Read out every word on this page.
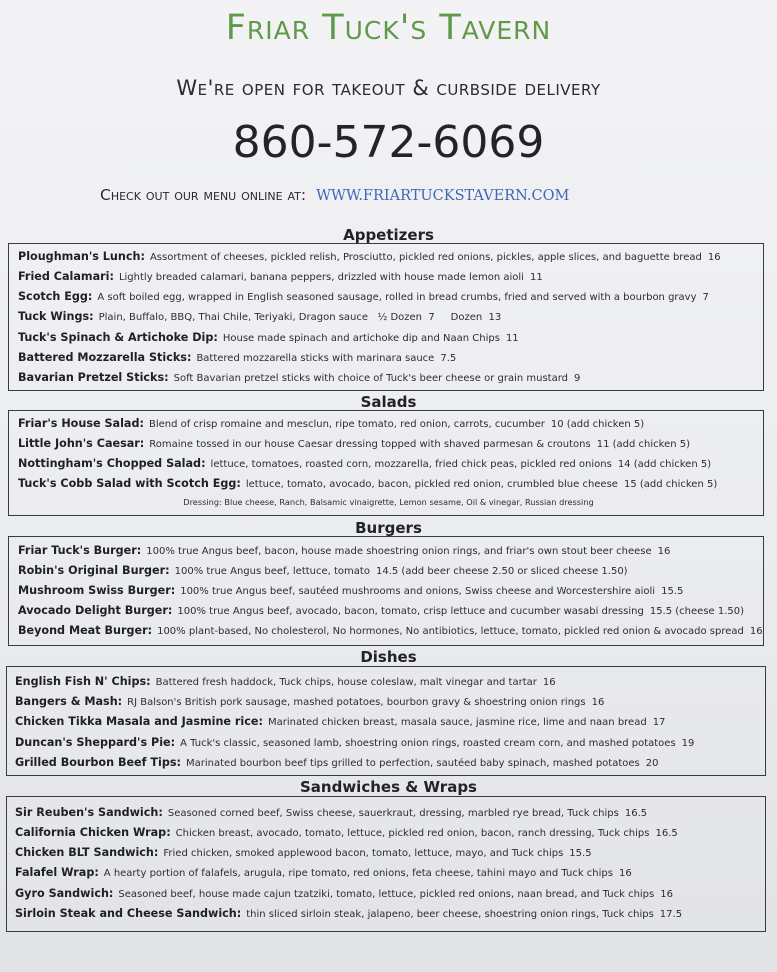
Friar Tuck's Tavern
We're open for takeout & curbside delivery
860-572-6069
Check out our menu online at: WWW.FRIARTUCKSTAVERN.COM
Appetizers
Ploughman's Lunch: Assortment of cheeses, pickled relish, Prosciutto, pickled red onions, pickles, apple slices, and baguette bread 16
Fried Calamari: Lightly breaded calamari, banana peppers, drizzled with house made lemon aioli 11
Scotch Egg: A soft boiled egg, wrapped in English seasoned sausage, rolled in bread crumbs, fried and served with a bourbon gravy 7
Tuck Wings: Plain, Buffalo, BBQ, Thai Chile, Teriyaki, Dragon sauce   ½ Dozen  7     Dozen  13
Tuck's Spinach & Artichoke Dip: House made spinach and artichoke dip and Naan Chips 11
Battered Mozzarella Sticks: Battered mozzarella sticks with marinara sauce 7.5
Bavarian Pretzel Sticks: Soft Bavarian pretzel sticks with choice of Tuck's beer cheese or grain mustard 9
Salads
Friar's House Salad: Blend of crisp romaine and mesclun, ripe tomato, red onion, carrots, cucumber 10 (add chicken 5)
Little John's Caesar: Romaine tossed in our house Caesar dressing topped with shaved parmesan & croutons 11 (add chicken 5)
Nottingham's Chopped Salad: lettuce, tomatoes, roasted corn, mozzarella, fried chick peas, pickled red onions 14 (add chicken 5)
Tuck's Cobb Salad with Scotch Egg: lettuce, tomato, avocado, bacon, pickled red onion, crumbled blue cheese 15 (add chicken 5)
Dressing: Blue cheese, Ranch, Balsamic vinaigrette, Lemon sesame, Oil & vinegar, Russian dressing
Burgers
Friar Tuck's Burger: 100% true Angus beef, bacon, house made shoestring onion rings, and friar's own stout beer cheese 16
Robin's Original Burger: 100% true Angus beef, lettuce, tomato 14.5 (add beer cheese 2.50 or sliced cheese 1.50)
Mushroom Swiss Burger: 100% true Angus beef, sautéed mushrooms and onions, Swiss cheese and Worcestershire aioli 15.5
Avocado Delight Burger: 100% true Angus beef, avocado, bacon, tomato, crisp lettuce and cucumber wasabi dressing 15.5 (cheese 1.50)
Beyond Meat Burger: 100% plant-based, No cholesterol, No hormones, No antibiotics, lettuce, tomato, pickled red onion & avocado spread 16
Dishes
English Fish N' Chips: Battered fresh haddock, Tuck chips, house coleslaw, malt vinegar and tartar 16
Bangers & Mash: RJ Balson's British pork sausage, mashed potatoes, bourbon gravy & shoestring onion rings 16
Chicken Tikka Masala and Jasmine rice: Marinated chicken breast, masala sauce, jasmine rice, lime and naan bread 17
Duncan's Sheppard's Pie: A Tuck's classic, seasoned lamb, shoestring onion rings, roasted cream corn, and mashed potatoes 19
Grilled Bourbon Beef Tips: Marinated bourbon beef tips grilled to perfection, sautéed baby spinach, mashed potatoes 20
Sandwiches & Wraps
Sir Reuben's Sandwich: Seasoned corned beef, Swiss cheese, sauerkraut, dressing, marbled rye bread, Tuck chips 16.5
California Chicken Wrap: Chicken breast, avocado, tomato, lettuce, pickled red onion, bacon, ranch dressing, Tuck chips 16.5
Chicken BLT Sandwich: Fried chicken, smoked applewood bacon, tomato, lettuce, mayo, and Tuck chips 15.5
Falafel Wrap: A hearty portion of falafels, arugula, ripe tomato, red onions, feta cheese, tahini mayo and Tuck chips 16
Gyro Sandwich: Seasoned beef, house made cajun tzatziki, tomato, lettuce, pickled red onions, naan bread, and Tuck chips 16
Sirloin Steak and Cheese Sandwich: thin sliced sirloin steak, jalapeno, beer cheese, shoestring onion rings, Tuck chips 17.5
